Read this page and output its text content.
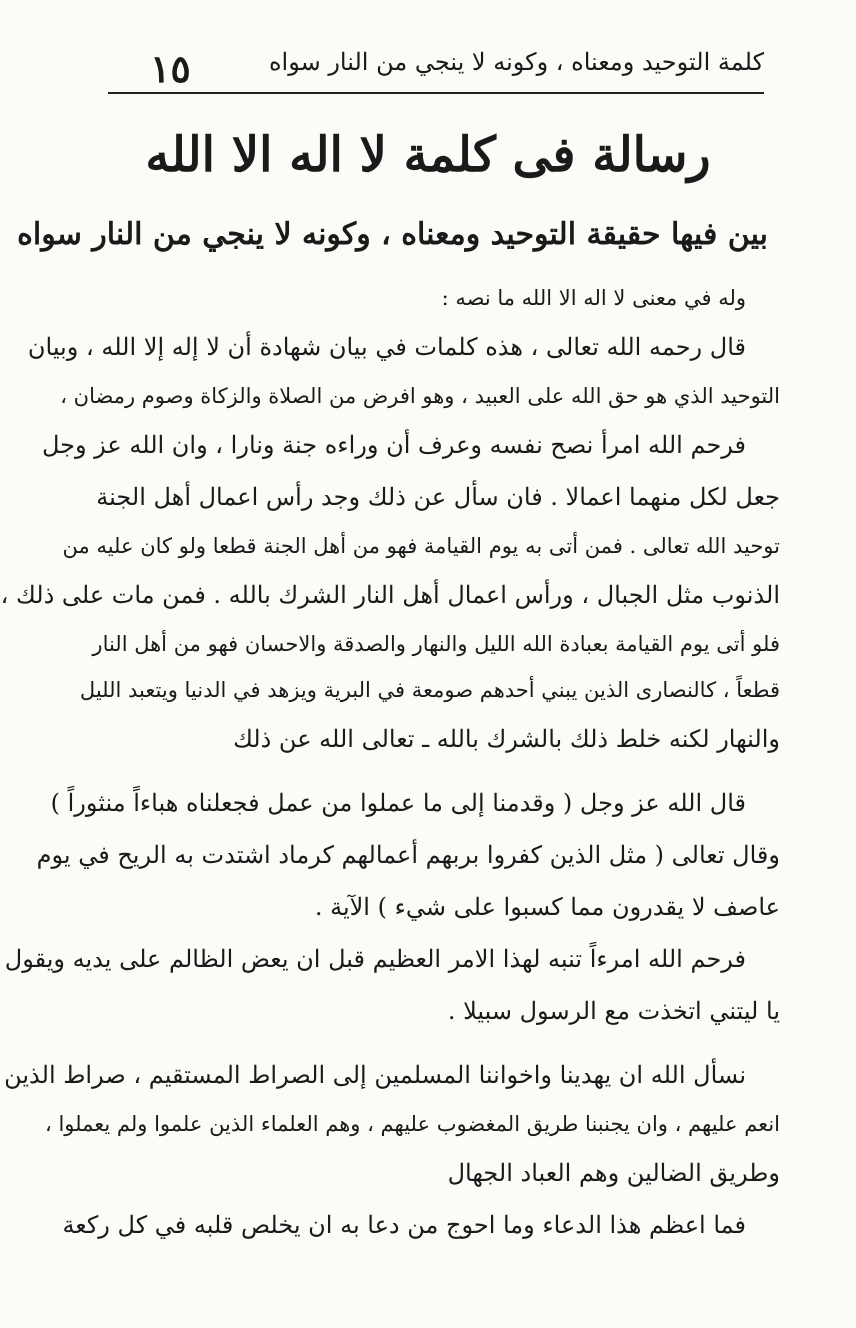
١٥	كلمة التوحيد ومعناه ، وكونه لا ينجي من النار سواه
رسالة فى كلمة لا اله الا الله
بين فيها حقيقة التوحيد ومعناه ، وكونه لا ينجي من النار سواه
وله في معنى لا اله الا الله ما نصه :
قال رحمه الله تعالى ، هذه كلمات في بيان شهادة أن لا إله إلا الله ، وبيان
التوحيد الذي هو حق الله على العبيد ، وهو افرض من الصلاة والزكاة وصوم رمضان ،
فرحم الله امرأ نصح نفسه وعرف أن وراءه جنة ونارا ، وان الله عز وجل
جعل لكل منهما اعمالا . فان سأل عن ذلك وجد رأس اعمال أهل الجنة
توحيد الله تعالى . فمن أتى به يوم القيامة فهو من أهل الجنة قطعا ولو كان عليه من
الذنوب مثل الجبال ، ورأس اعمال أهل النار الشرك بالله . فمن مات على ذلك ،
فلو أتى يوم القيامة بعبادة الله الليل والنهار والصدقة والاحسان فهو من أهل النار
قطعاً ، كالنصارى الذين يبني أحدهم صومعة في البرية ويزهد في الدنيا ويتعبد الليل
والنهار لكنه خلط ذلك بالشرك بالله ـ تعالى الله عن ذلك
قال الله عز وجل ( وقدمنا إلى ما عملوا من عمل فجعلناه هباءاً منثوراً )
وقال تعالى ( مثل الذين كفروا بربهم أعمالهم كرماد اشتدت به الريح في يوم
عاصف لا يقدرون مما كسبوا على شيء ) الآية .
فرحم الله امرءاً تنبه لهذا الامر العظيم قبل ان يعض الظالم على يديه ويقول
يا ليتني اتخذت مع الرسول سبيلا .
نسأل الله ان يهدينا واخواننا المسلمين إلى الصراط المستقيم ، صراط الذين
انعم عليهم ، وان يجنبنا طريق المغضوب عليهم ، وهم العلماء الذين علموا ولم يعملوا ،
وطريق الضالين وهم العباد الجهال
فما اعظم هذا الدعاء وما احوج من دعا به ان يخلص قلبه في كل ركعة
